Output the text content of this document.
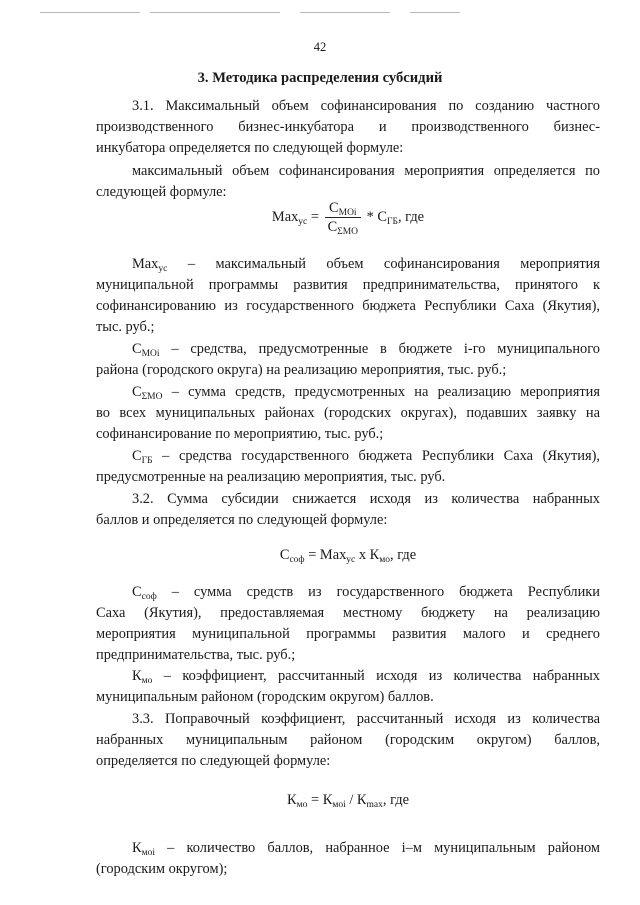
42
3. Методика распределения субсидий
3.1. Максимальный объем софинансирования по созданию частного
производственного бизнес-инкубатора и производственного бизнес-
инкубатора определяется по следующей формуле:
максимальный объем софинансирования мероприятия определяется по
следующей формуле:
$Max_{ус} = \frac{С_{МОi}}{С_{\Sigma МО}} * С_{ГБ}$, где
Max$_{ус}$ – максимальный объем софинансирования мероприятия
муниципальной программы развития предпринимательства, принятого к
софинансированию из государственного бюджета Республики Саха (Якутия),
тыс. руб.;
$С_{МОi}$ – средства, предусмотренные в бюджете i-го муниципального
района (городского округа) на реализацию мероприятия, тыс. руб.;
$С_{\Sigma МО}$ – сумма средств, предусмотренных на реализацию мероприятия
во всех муниципальных районах (городских округах), подавших заявку на
софинансирование по мероприятию, тыс. руб.;
$С_{ГБ}$ – средства государственного бюджета Республики Саха (Якутия),
предусмотренные на реализацию мероприятия, тыс. руб.
3.2. Сумма субсидии снижается исходя из количества набранных
баллов и определяется по следующей формуле:
$С_{соф} = Max_{ус}$ х $К_{мо}$, где
$С_{соф}$ – сумма средств из государственного бюджета Республики
Саха (Якутия), предоставляемая местному бюджету на реализацию
мероприятия муниципальной программы развития малого и среднего
предпринимательства, тыс. руб.;
$К_{мо}$ – коэффициент, рассчитанный исходя из количества набранных
муниципальным районом (городским округом) баллов.
3.3. Поправочный коэффициент, рассчитанный исходя из количества
набранных муниципальным районом (городским округом) баллов,
определяется по следующей формуле:
$К_{мо} = К_{моi} / К_{max}$, где
$К_{моi}$ – количество баллов, набранное i–м муниципальным районом
(городским округом);
